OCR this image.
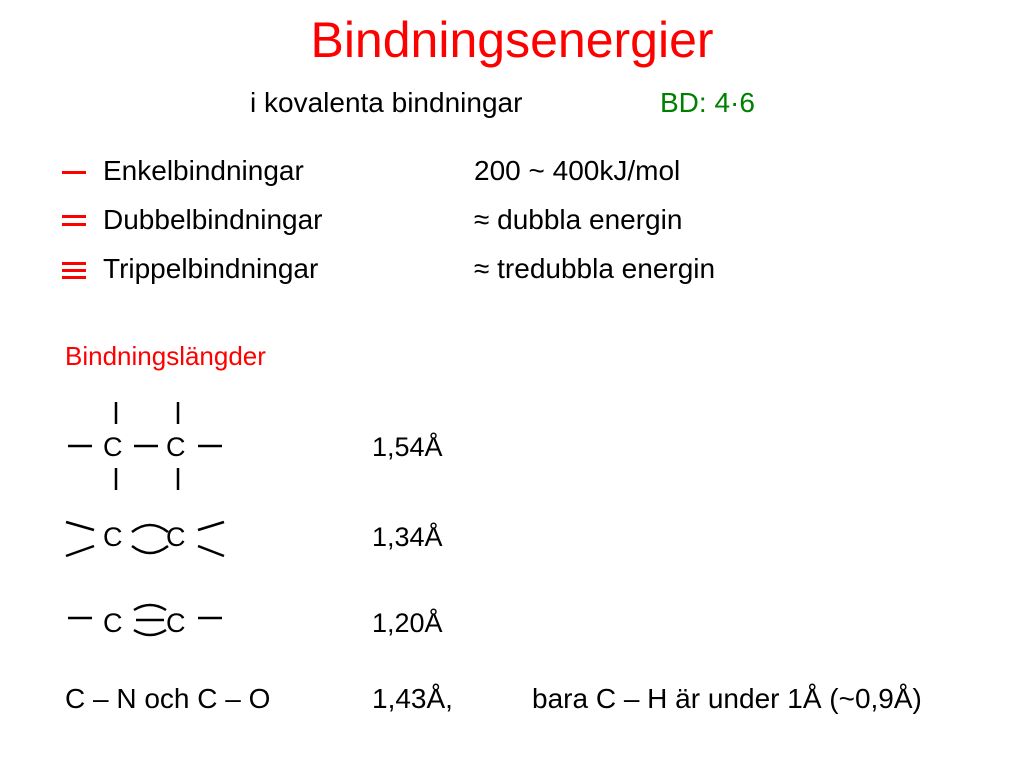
Bindningsenergier
i kovalenta bindningar	BD: 4·6
Enkelbindningar	200 ~ 400kJ/mol
Dubbelbindningar	≈ dubbla energin
Trippelbindningar	≈ tredubbla energin
Bindningslängder
C C	1,54Å
C C	1,34Å
C C	1,20Å
C – N och C – O	1,43Å,	bara C – H är under 1Å (~0,9Å)
